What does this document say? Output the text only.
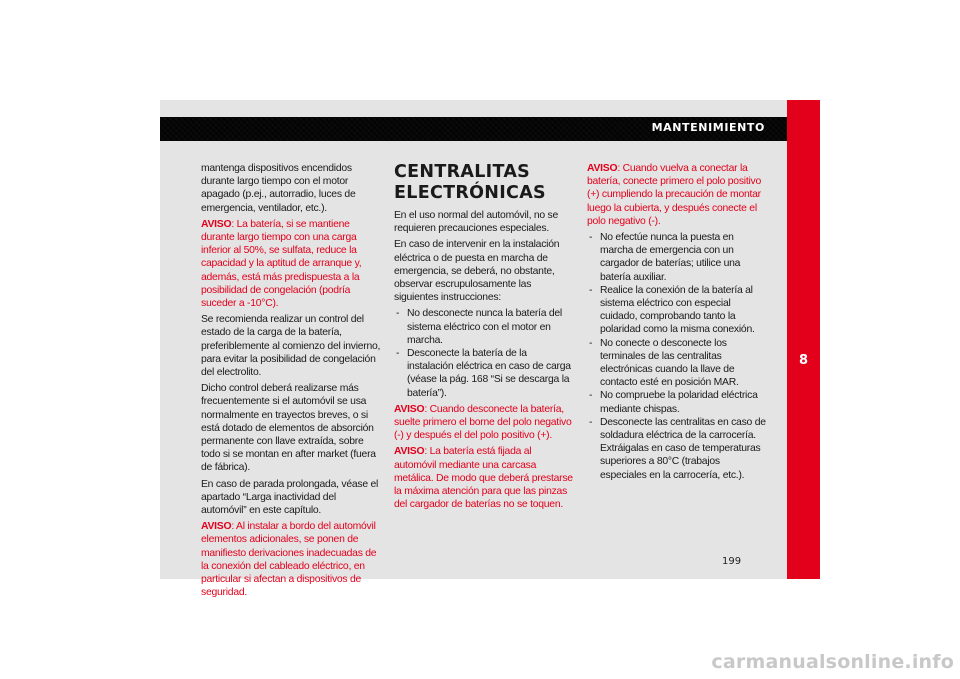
MANTENIMIENTO
8

mantenga dispositivos encendidos durante largo tiempo con el motor apagado (p.ej., autorradio, luces de emergencia, ventilador, etc.).

AVISO: La batería, si se mantiene durante largo tiempo con una carga inferior al 50%, se sulfata, reduce la capacidad y la aptitud de arranque y, además, está más predispuesta a la posibilidad de congelación (podría suceder a -10°C).

Se recomienda realizar un control del estado de la carga de la batería, preferiblemente al comienzo del invierno, para evitar la posibilidad de congelación del electrolito.

Dicho control deberá realizarse más frecuentemente si el automóvil se usa normalmente en trayectos breves, o si está dotado de elementos de absorción permanente con llave extraída, sobre todo si se montan en after market (fuera de fábrica).

En caso de parada prolongada, véase el apartado “Larga inactividad del automóvil” en este capítulo.

AVISO: Al instalar a bordo del automóvil elementos adicionales, se ponen de manifiesto derivaciones inadecuadas de la conexión del cableado eléctrico, en particular si afectan a dispositivos de seguridad.

CENTRALITAS
ELECTRÓNICAS

En el uso normal del automóvil, no se requieren precauciones especiales.

En caso de intervenir en la instalación eléctrica o de puesta en marcha de emergencia, se deberá, no obstante, observar escrupulosamente las siguientes instrucciones:

- No desconecte nunca la batería del sistema eléctrico con el motor en marcha.
- Desconecte la batería de la instalación eléctrica en caso de carga (véase la pág. 168 “Si se descarga la batería”).

AVISO: Cuando desconecte la batería, suelte primero el borne del polo negativo (-) y después el del polo positivo (+).

AVISO: La batería está fijada al automóvil mediante una carcasa metálica. De modo que deberá prestarse la máxima atención para que las pinzas del cargador de baterías no se toquen.

AVISO: Cuando vuelva a conectar la batería, conecte primero el polo positivo (+) cumpliendo la precaución de montar luego la cubierta, y después conecte el polo negativo (-).

- No efectúe nunca la puesta en marcha de emergencia con un cargador de baterías; utilice una batería auxiliar.
- Realice la conexión de la batería al sistema eléctrico con especial cuidado, comprobando tanto la polaridad como la misma conexión.
- No conecte o desconecte los terminales de las centralitas electrónicas cuando la llave de contacto esté en posición MAR.
- No compruebe la polaridad eléctrica mediante chispas.
- Desconecte las centralitas en caso de soldadura eléctrica de la carrocería. Extráigalas en caso de temperaturas superiores a 80°C (trabajos especiales en la carrocería, etc.).
199
carmanualsonline.info
